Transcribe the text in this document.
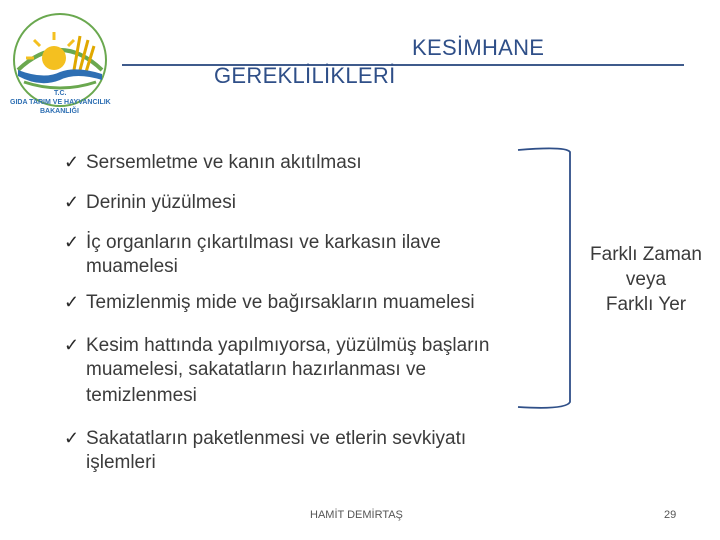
T.C.
GIDA TARIM VE HAYVANCILIK
BAKANLIĞI
KESİMHANE
GEREKLİLİKLERİ
✓ Sersemletme ve kanın akıtılması
✓ Derinin yüzülmesi
✓ İç organların çıkartılması ve karkasın ilave
muamelesi
✓ Temizlenmiş mide ve bağırsakların muamelesi
✓ Kesim hattında yapılmıyorsa, yüzülmüş başların
muamelesi, sakatatların hazırlanması ve
temizlenmesi
✓ Sakatatların paketlenmesi ve etlerin sevkiyatı
işlemleri
Farklı Zaman
veya
Farklı Yer
HAMİT DEMİRTAŞ	29
